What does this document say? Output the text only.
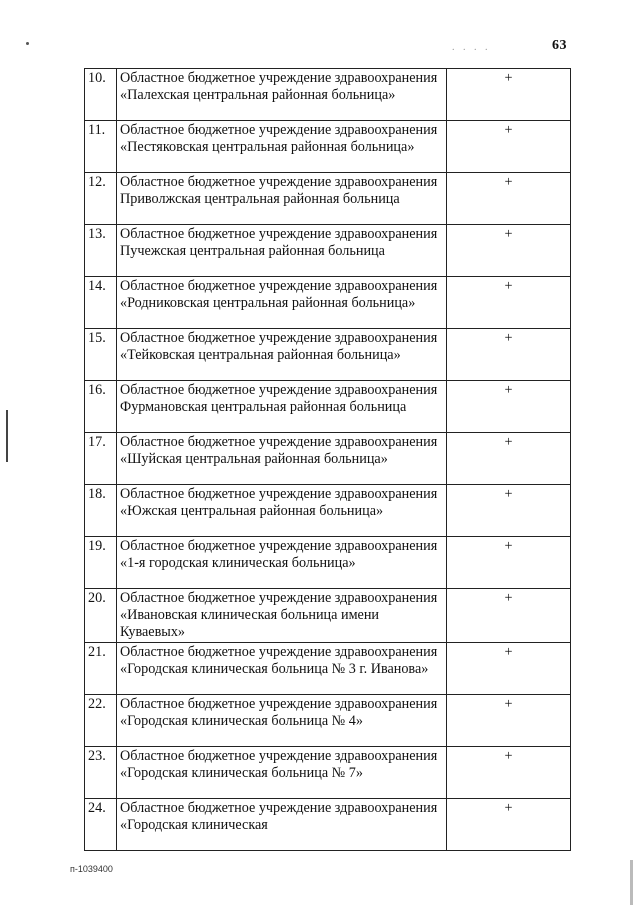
. . . .	63
10.	Областное бюджетное учреждение здравоохранения «Палехская центральная районная больница»	+
11.	Областное бюджетное учреждение здравоохранения «Пестяковская центральная районная больница»	+
12.	Областное бюджетное учреждение здравоохранения Приволжская центральная районная больница	+
13.	Областное бюджетное учреждение здравоохранения Пучежская центральная районная больница	+
14.	Областное бюджетное учреждение здравоохранения «Родниковская центральная районная больница»	+
15.	Областное бюджетное учреждение здравоохранения «Тейковская центральная районная больница»	+
16.	Областное бюджетное учреждение здравоохранения Фурмановская центральная районная больница	+
17.	Областное бюджетное учреждение здравоохранения «Шуйская центральная районная больница»	+
18.	Областное бюджетное учреждение здравоохранения «Южская центральная районная больница»	+
19.	Областное бюджетное учреждение здравоохранения «1-я городская клиническая больница»	+
20.	Областное бюджетное учреждение здравоохранения «Ивановская клиническая больница имени Куваевых»	+
21.	Областное бюджетное учреждение здравоохранения «Городская клиническая больница № 3 г. Иванова»	+
22.	Областное бюджетное учреждение здравоохранения «Городская клиническая больница № 4»	+
23.	Областное бюджетное учреждение здравоохранения «Городская клиническая больница № 7»	+
24.	Областное бюджетное учреждение здравоохранения «Городская клиническая	+
п-1039400
